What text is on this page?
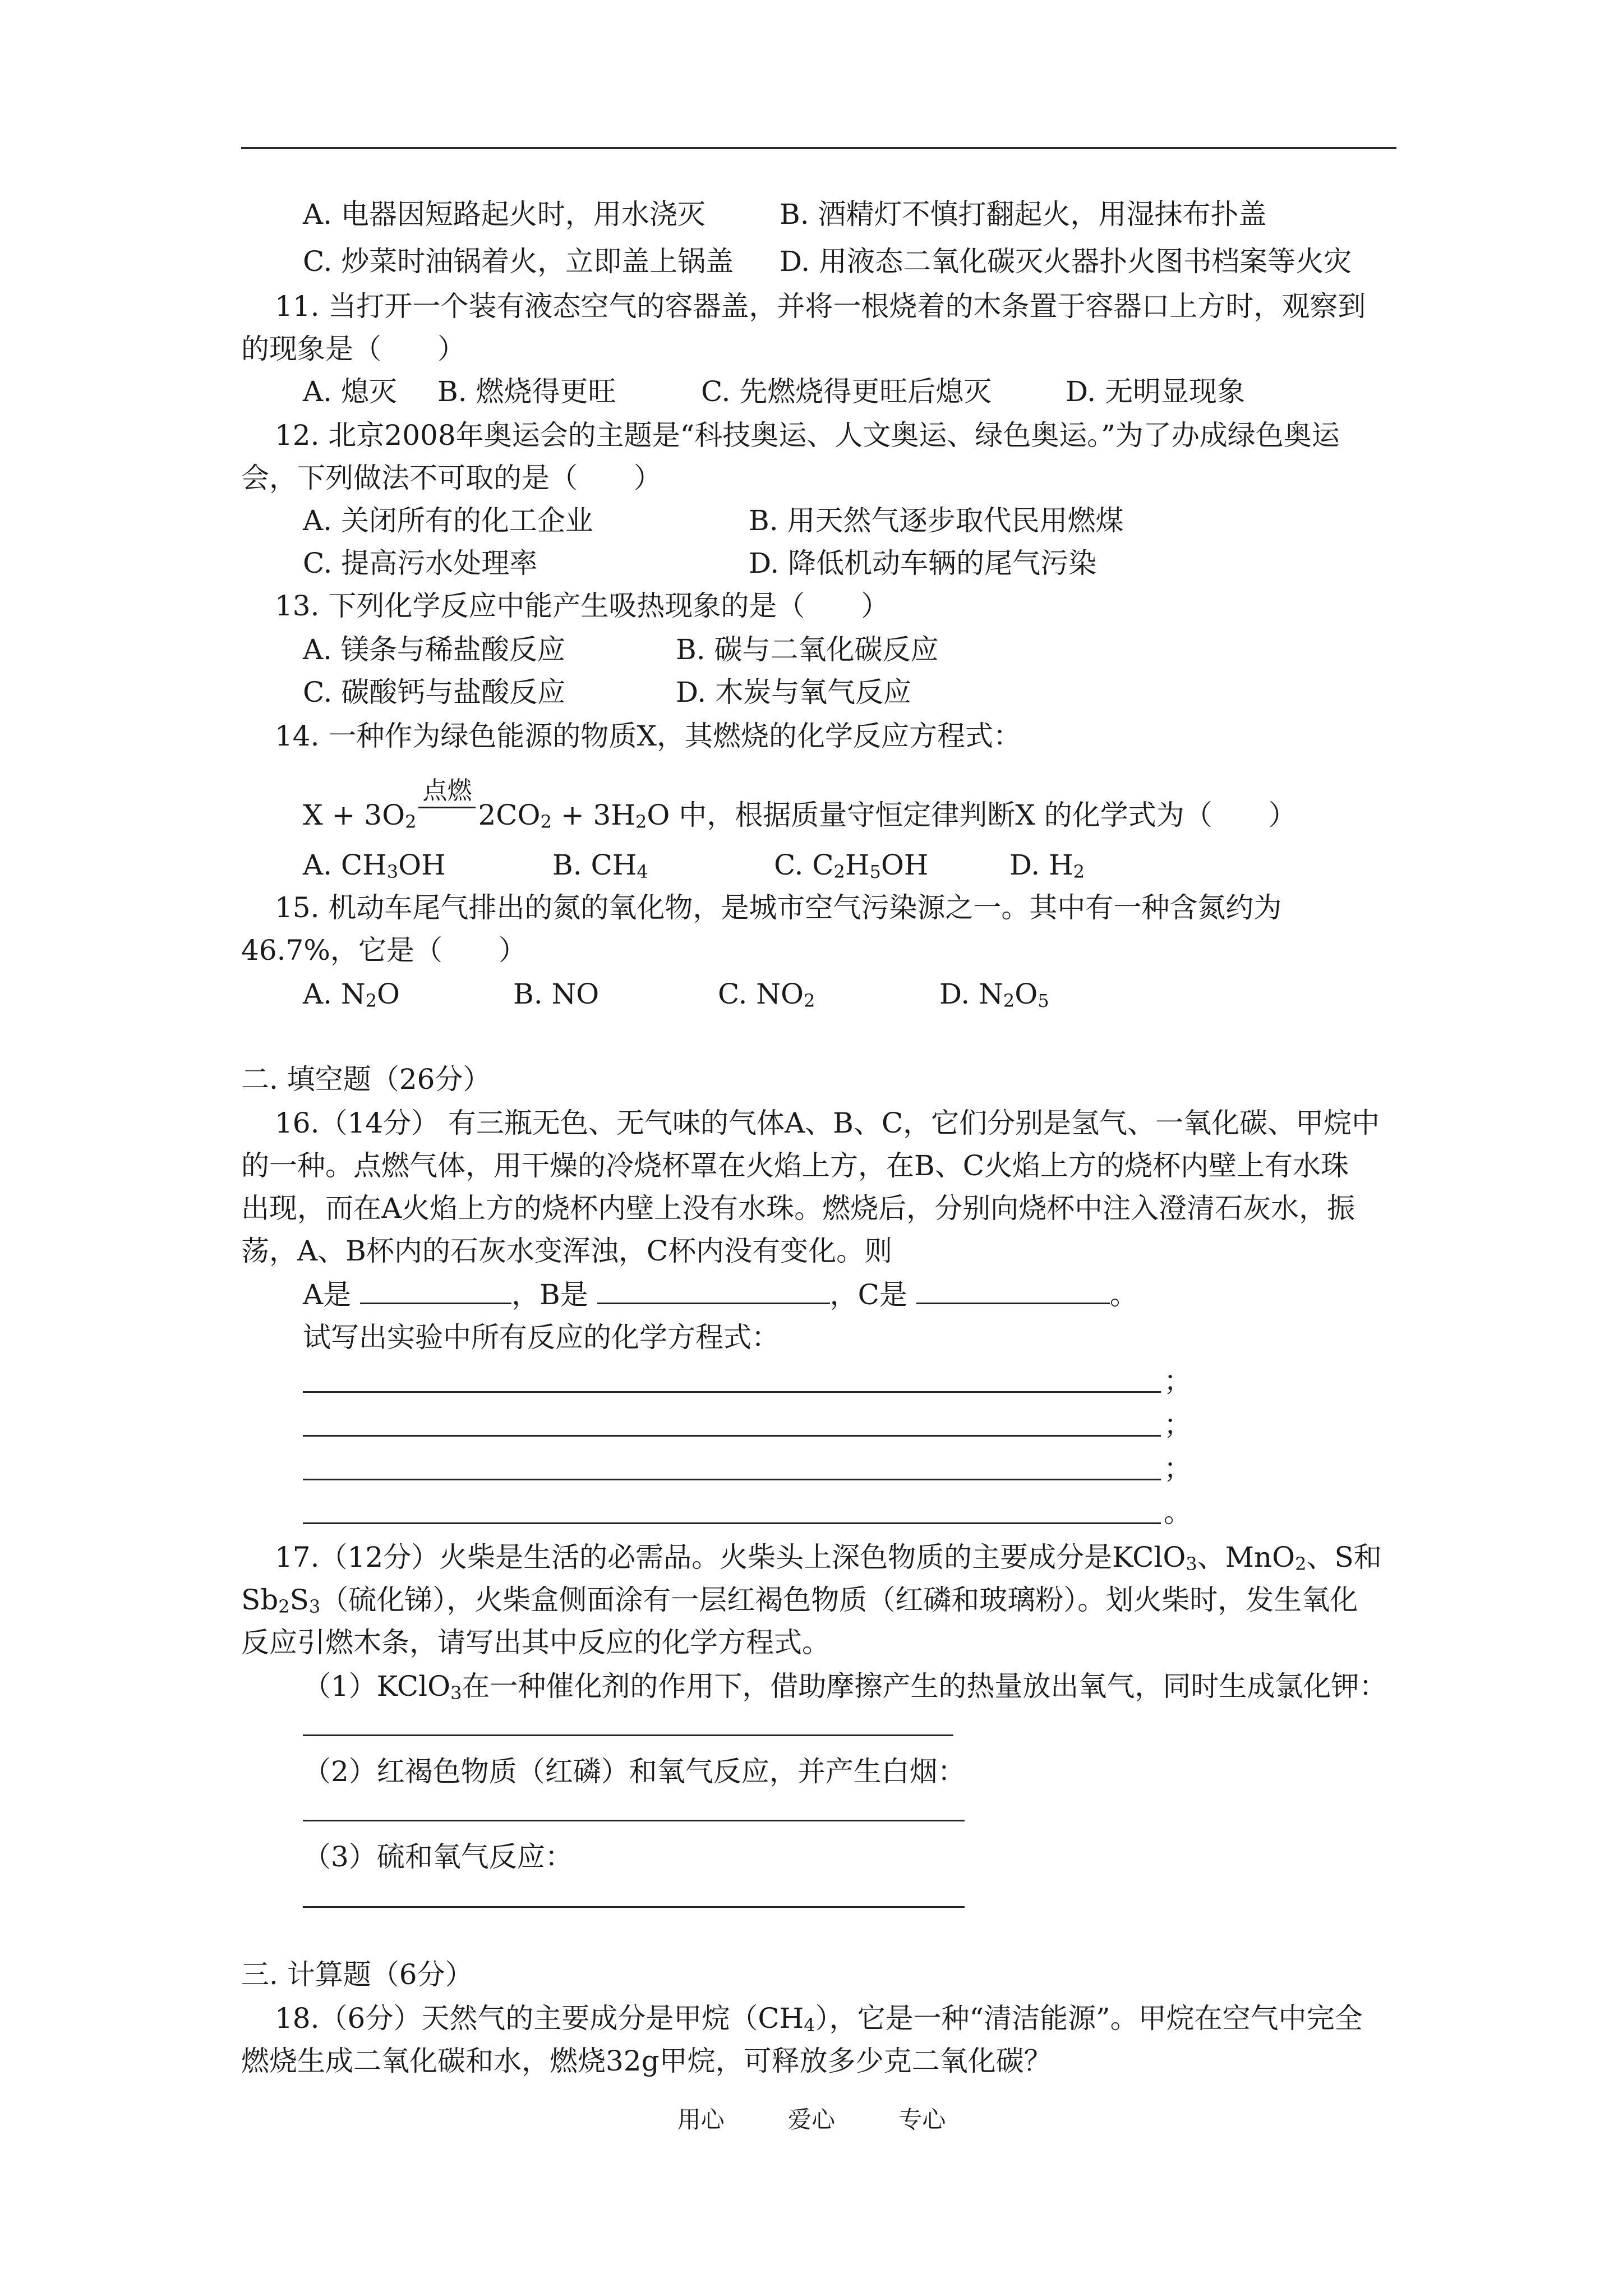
A. 电器因短路起火时，用水浇灭	B. 酒精灯不慎打翻起火，用湿抹布扑盖
C. 炒菜时油锅着火，立即盖上锅盖 D. 用液态二氧化碳灭火器扑火图书档案等火灾
11. 当打开一个装有液态空气的容器盖，并将一根烧着的木条置于容器口上方时，观察到
的现象是（　　）
A. 熄灭 B. 燃烧得更旺	C. 先燃烧得更旺后熄灭	D. 无明显现象
12. 北京2008年奥运会的主题是“科技奥运、人文奥运、绿色奥运。”为了办成绿色奥运
会，下列做法不可取的是（　　）
A. 关闭所有的化工企业	B. 用天然气逐步取代民用燃煤
C. 提高污水处理率	D. 降低机动车辆的尾气污染
13. 下列化学反应中能产生吸热现象的是（　　）
A. 镁条与稀盐酸反应	B. 碳与二氧化碳反应
C. 碳酸钙与盐酸反应	D. 木炭与氧气反应
14. 一种作为绿色能源的物质X，其燃烧的化学反应方程式：
$X + 3O_2$
点燃
$2CO_2 + 3H_2O$ 中，根据质量守恒定律判断X 的化学式为（　　）
A. $CH_3OH$	B. $CH_4$	C. $C_2H_5OH$	D. $H_2$
15. 机动车尾气排出的氮的氧化物，是城市空气污染源之一。其中有一种含氮约为
46.7%，它是（　　）
A. $N_2O$	B. NO	C. $NO_2$	D. $N_2O_5$
二. 填空题（26分）
16.（14分） 有三瓶无色、无气味的气体A、B、C，它们分别是氢气、一氧化碳、甲烷中
的一种。点燃气体，用干燥的冷烧杯罩在火焰上方，在B、C火焰上方的烧杯内壁上有水珠
出现，而在A火焰上方的烧杯内壁上没有水珠。燃烧后，分别向烧杯中注入澄清石灰水，振
荡，A、B杯内的石灰水变浑浊，C杯内没有变化。则
A是	，B是	，C是	。
试写出实验中所有反应的化学方程式：
；
；
；
。
17.（12分）火柴是生活的必需品。火柴头上深色物质的主要成分是KClO$_3$、MnO$_2$、S和
$Sb_2S_3$（硫化锑），火柴盒侧面涂有一层红褐色物质（红磷和玻璃粉）。划火柴时，发生氧化
反应引燃木条，请写出其中反应的化学方程式。
（1）KClO$_3$在一种催化剂的作用下，借助摩擦产生的热量放出氧气，同时生成氯化钾：
（2）红褐色物质（红磷）和氧气反应，并产生白烟：
（3）硫和氧气反应：
三. 计算题（6分）
18.（6分）天然气的主要成分是甲烷$(CH_4)$，它是一种“清洁能源”。甲烷在空气中完全
燃烧生成二氧化碳和水，燃烧32g甲烷，可释放多少克二氧化碳？
用心	爱心	专心
